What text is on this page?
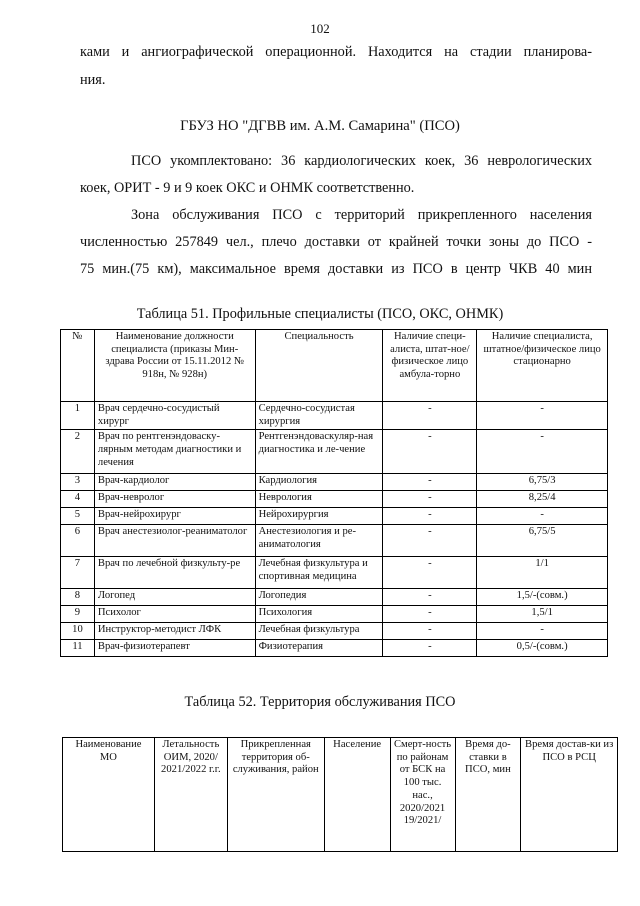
102
ками и ангиографической операционной. Находится на стадии планирова-
ния.
ГБУЗ НО "ДГВВ им. А.М. Самарина" (ПСО)
ПСО укомплектовано: 36 кардиологических коек, 36 неврологических
коек, ОРИТ - 9 и 9 коек ОКС и ОНМК соответственно.
Зона обслуживания ПСО с территорий прикрепленного населения
численностью 257849 чел., плечо доставки от крайней точки зоны до ПСО -
75 мин.(75 км), максимальное время доставки из ПСО в центр ЧКВ 40 мин
Таблица 51. Профильные специалисты (ПСО, ОКС, ОНМК)
№	Наименование должности специалиста (приказы Мин-здрава России от 15.11.2012 № 918н, № 928н)	Специальность	Наличие специ-алиста, штат-ное/физическое лицо амбула-торно	Наличие специалиста, штатное/физическое лицо стационарно
1	Врач сердечно-сосудистый хирург	Сердечно-сосудистая хирургия	-	-
2	Врач по рентгенэндоваску-лярным методам диагностики и лечения	Рентгенэндоваскуляр-ная диагностика и ле-чение	-	-
3	Врач-кардиолог	Кардиология	-	6,75/3
4	Врач-невролог	Неврология	-	8,25/4
5	Врач-нейрохирург	Нейрохирургия	-	-
6	Врач анестезиолог-реаниматолог	Анестезиология и ре-аниматология	-	6,75/5
7	Врач по лечебной физкульту-ре	Лечебная физкультура и спортивная медицина	-	1/1
8	Логопед	Логопедия	-	1,5/-(совм.)
9	Психолог	Психология	-	1,5/1
10	Инструктор-методист ЛФК	Лечебная физкультура	-	-
11	Врач-физиотерапевт	Физиотерапия	-	0,5/-(совм.)
Таблица 52. Территория обслуживания ПСО
Наименование МО	Летальность ОИМ, 2020/ 2021/2022 г.г.	Прикрепленная территория об-служивания, район	Население	Смерт-ность по районам от БСК на 100 тыс. нас., 2020/2021 19/2021/	Время до-ставки в ПСО, мин	Время достав-ки из ПСО в РСЦ
